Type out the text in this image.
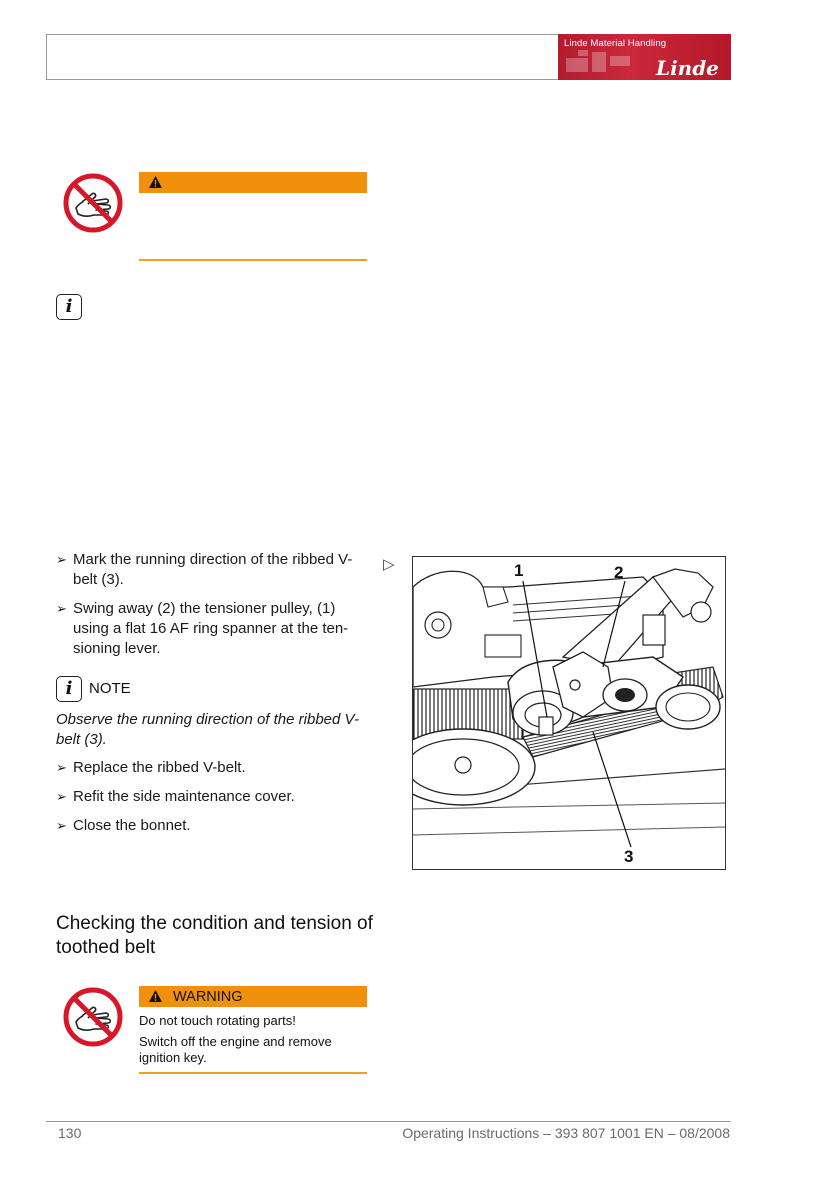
Linde Material Handling
Linde
i
➢ Mark the running direction of the ribbed V-belt (3).
➢ Swing away (2) the tensioner pulley, (1) using a flat 16 AF ring spanner at the ten-sioning lever.
i NOTE
Observe the running direction of the ribbed V-belt (3).
➢ Replace the ribbed V-belt.
➢ Refit the side maintenance cover.
➢ Close the bonnet.
▷	1	2
3
Checking the condition and tension of toothed belt
WARNING
Do not touch rotating parts!
Switch off the engine and remove ignition key.
130	Operating Instructions – 393 807 1001 EN – 08/2008
